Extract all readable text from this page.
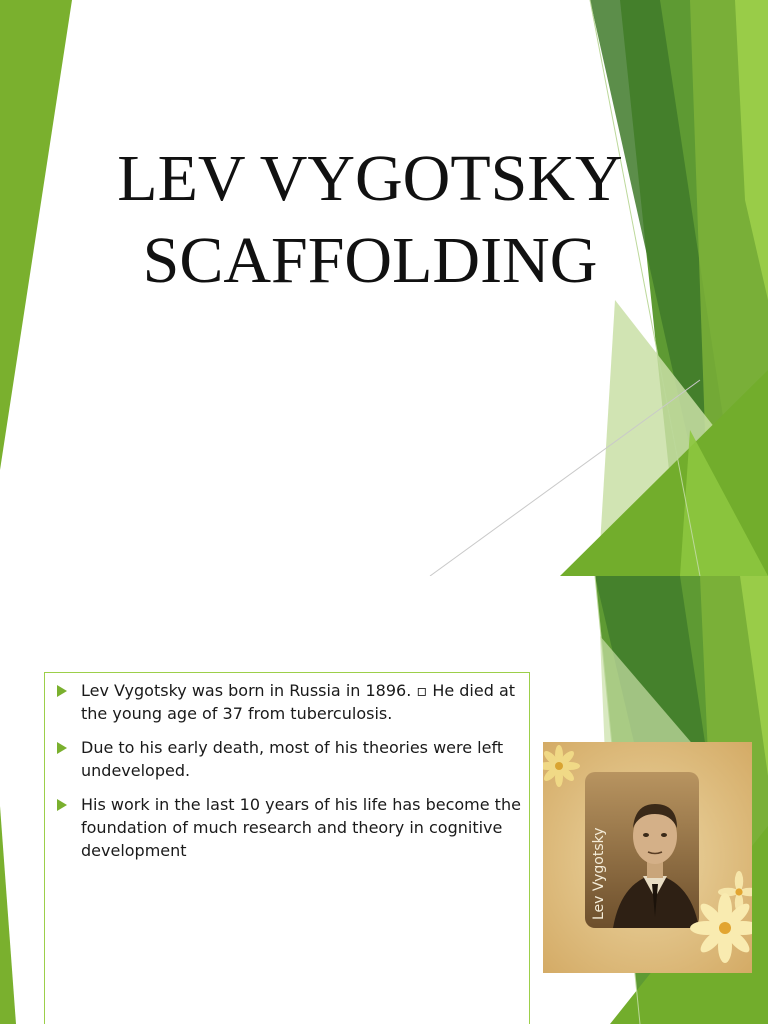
LEV VYGOTSKY
SCAFFOLDING
Lev Vygotsky was born in Russia in 1896. ▫ He died at the young age of 37 from tuberculosis.
Due to his early death, most of his theories were left undeveloped.
His work in the last 10 years of his life has become the foundation of much research and theory in cognitive development	Lev Vygotsky
